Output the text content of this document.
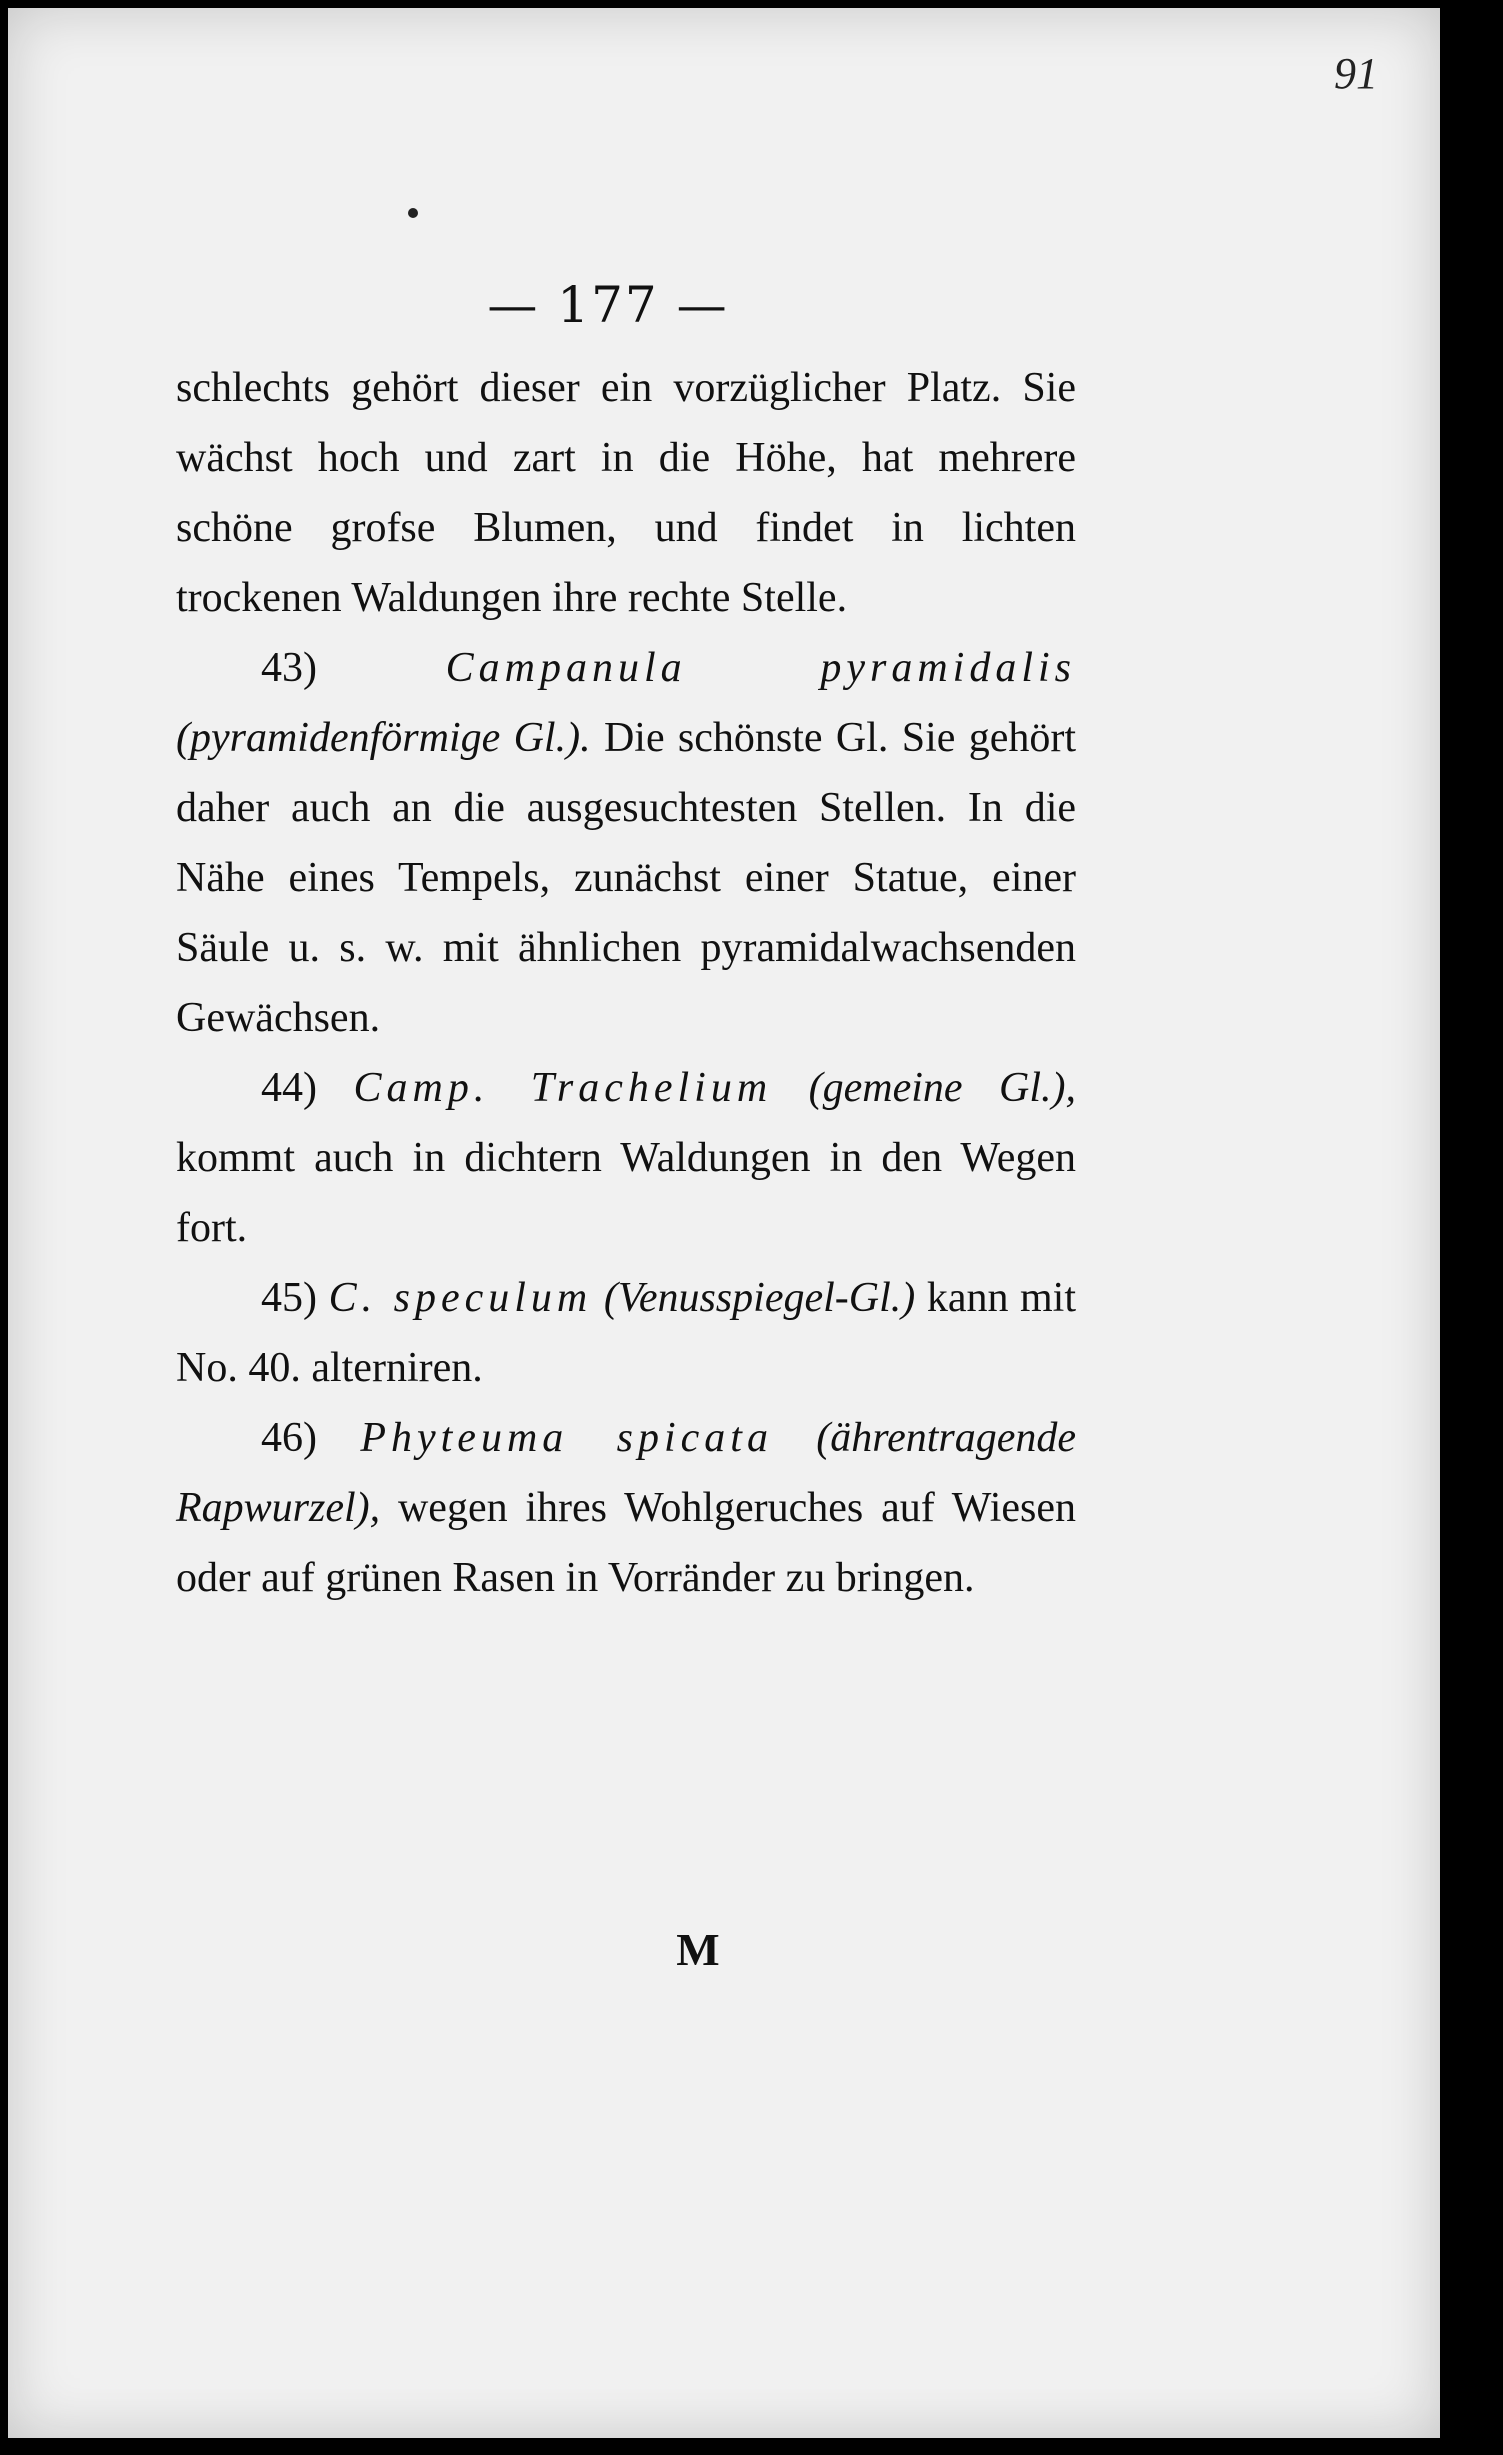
91
— 177 —

schlechts gehört dieser ein vorzüglicher Platz. Sie wächst hoch und zart in die Höhe, hat mehrere schöne grofse Blumen, und findet in lichten trockenen Waldungen ihre rechte Stelle.

43)	Campanula pyramidalis (pyramidenförmige Gl.). Die schönste Gl. Sie gehört daher auch an die ausgesuchtesten Stellen. In die Nähe eines Tempels, zunächst einer Statue, einer Säule u. s. w. mit ähnlichen pyramidalwachsenden Gewächsen.

44) Camp. Trachelium (gemeine Gl.), kommt auch in dichtern Waldungen in den Wegen fort.

45) C. speculum (Venusspiegel-Gl.) kann mit No. 40. alterniren.

46) Phyteuma spicata (ährentragende Rapwurzel), wegen ihres Wohlgeruches auf Wiesen oder auf grünen Rasen in Vorränder zu bringen.

M
